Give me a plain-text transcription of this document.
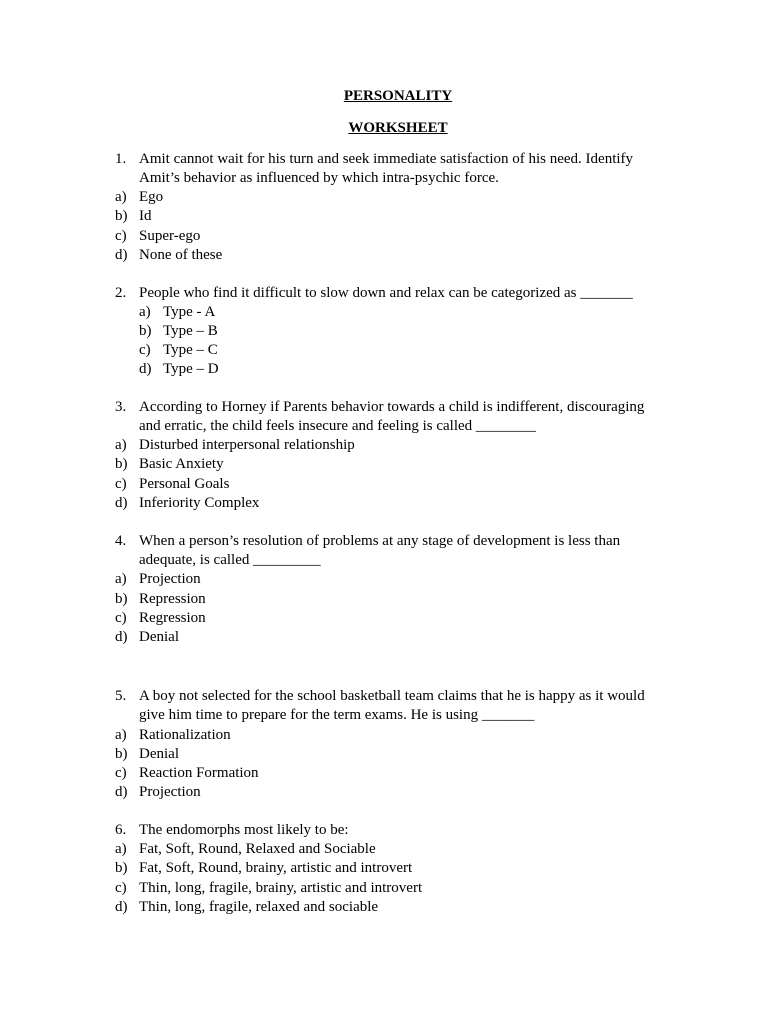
PERSONALITY
WORKSHEET
1. Amit cannot wait for his turn and seek immediate satisfaction of his need. Identify
Amit’s behavior as influenced by which intra-psychic force.
a) Ego
b) Id
c) Super-ego
d) None of these
2. People who find it difficult to slow down and relax can be categorized as _______
a) Type - A
b) Type – B
c) Type – C
d) Type – D
3. According to Horney if Parents behavior towards a child is indifferent, discouraging
and erratic, the child feels insecure and feeling is called ________
a) Disturbed interpersonal relationship
b) Basic Anxiety
c) Personal Goals
d) Inferiority Complex
4. When a person’s resolution of problems at any stage of development is less than
adequate, is called _________
a) Projection
b) Repression
c) Regression
d) Denial
5. A boy not selected for the school basketball team claims that he is happy as it would
give him time to prepare for the term exams. He is using _______
a) Rationalization
b) Denial
c) Reaction Formation
d) Projection
6. The endomorphs most likely to be:
a) Fat, Soft, Round, Relaxed and Sociable
b) Fat, Soft, Round, brainy, artistic and introvert
c) Thin, long, fragile, brainy, artistic and introvert
d) Thin, long, fragile, relaxed and sociable
